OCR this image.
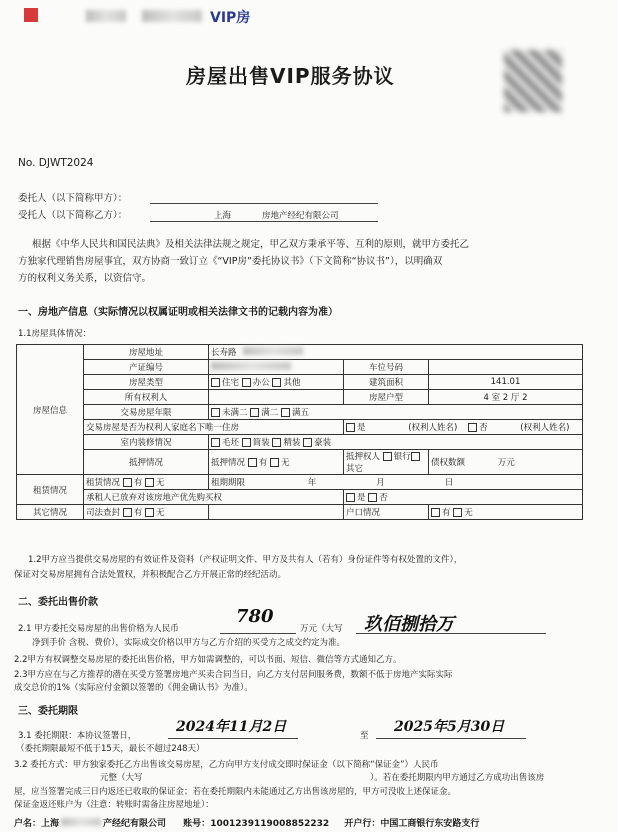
VIP房
房屋出售VIP服务协议
No. DJWT2024
委托人（以下简称甲方）：
受托人（以下简称乙方）：	上海	房地产经纪有限公司
根据《中华人民共和国民法典》及相关法律法规之规定，甲乙双方秉承平等、互利的原则，就甲方委托乙
方独家代理销售房屋事宜，双方协商一致订立《“VIP房”委托协议书》（下文简称“协议书”），以明确双
方的权利义务关系，以资信守。
一、房地产信息（实际情况以权属证明或相关法律文书的记载内容为准）
1.1房屋具体情况：
房屋信息	房屋地址	长寿路		
	产证编号		车位号码	
	房屋类型	住宅 办公 其他	建筑面积	141.01
	所有权利人		房屋户型	4 室 2 厅 2
	交易房屋年限	未满二 满二 满五		
	交易房屋是否为权利人家庭名下唯一住房		是 (权利人姓名) 否 (权利人姓名)	
	室内装修情况	毛坯 简装 精装 豪装		
	抵押情况	抵押情况 有 无	抵押权人 银行其它	债权数额 万元
租赁情况	租赁情况 有 无	租期期限 年 月 日		
	承租人已放弃对该房地产优先购买权		是 否	
其它情况	司法查封 有 无		户口情况	有 无
1.2甲方应当提供交易房屋的有效证件及资料（产权证明文件、甲方及共有人（若有）身份证件等有权处置的文件），
保证对交易房屋拥有合法处置权，并积极配合乙方开展正常的经纪活动。
二、委托出售价款
2.1 甲方委托交易房屋的出售价格为人民币
780
万元（大写 玖佰捌拾万
净到手价 含税、费价），实际成交价格以甲方与乙方介绍的买受方之成交约定为准。
2.2甲方有权调整交易房屋的委托出售价格，甲方如需调整的，可以书面、短信、微信等方式通知乙方。
2.3甲方应在与乙方推荐的潜在买受方签署房地产买卖合同当日，向乙方支付居间服务费，数额不低于房地产实际实际
成交总价的1%（实际应付金额以签署的《佣金确认书》为准）。
三、委托期限
3.1 委托期限：本协议签署日，
2024年11月2日
至
2025年5月30日
（委托期限最短不低于15天，最长不超过248天）
3.2 委托方式：甲方独家委托乙方出售该交易房屋，乙方向甲方支付成交即时保证金（以下简称“保证金”）人民币
元整（大写	）。若在委托期限内甲方通过乙方成功出售该房
屋，应当签署完成三日内返还已收取的保证金；若在委托期限内未能通过乙方出售该房屋的，甲方可没收上述保证金。
保证金返还账户为（注意：转账时需备注房屋地址）：
户名：上海	产经纪有限公司 账号：1001239119008852232 开户行：中国工商银行东安路支行
